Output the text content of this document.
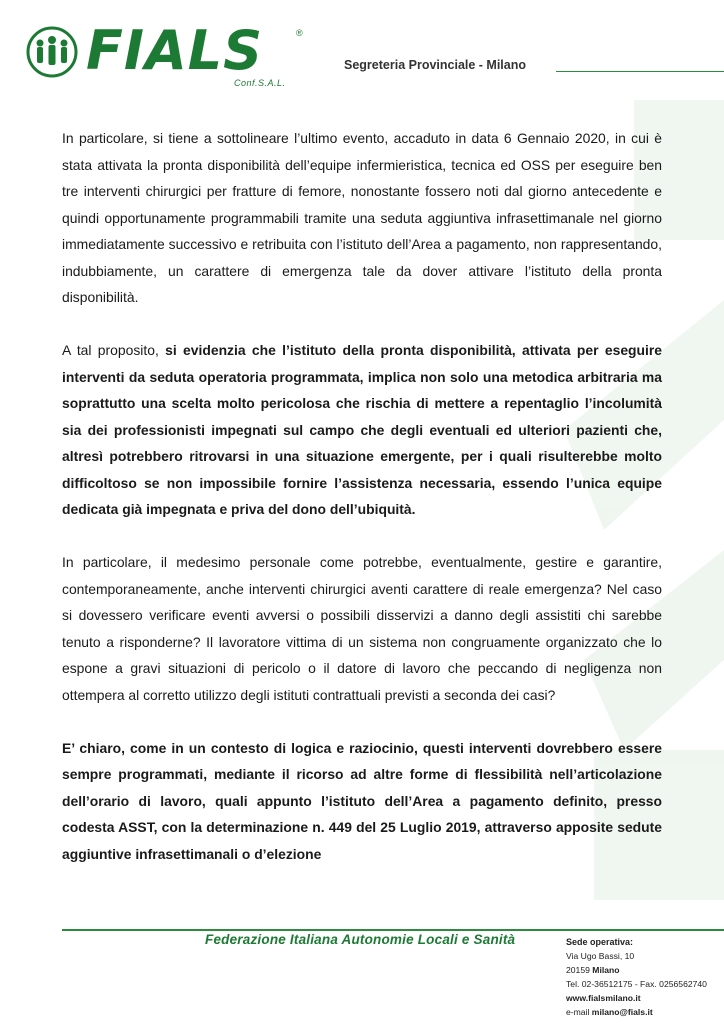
FIALS	®
Conf.S.A.L.
Segreteria Provinciale - Milano

In particolare, si tiene a sottolineare l’ultimo evento, accaduto in data 6 Gennaio 2020, in cui è stata attivata la pronta disponibilità dell’equipe infermieristica, tecnica ed OSS per eseguire ben tre interventi chirurgici per fratture di femore, nonostante fossero noti dal giorno antecedente e quindi opportunamente programmabili tramite una seduta aggiuntiva infrasettimanale nel giorno immediatamente successivo e retribuita con l’istituto dell’Area a pagamento, non rappresentando, indubbiamente, un carattere di emergenza tale da dover attivare l’istituto della pronta disponibilità.

A tal proposito, si evidenzia che l’istituto della pronta disponibilità, attivata per eseguire interventi da seduta operatoria programmata, implica non solo una metodica arbitraria ma soprattutto una scelta molto pericolosa che rischia di mettere a repentaglio l’incolumità sia dei professionisti impegnati sul campo che degli eventuali ed ulteriori pazienti che, altresì potrebbero ritrovarsi in una situazione emergente, per i quali risulterebbe molto difficoltoso se non impossibile fornire l’assistenza necessaria, essendo l’unica equipe dedicata già impegnata e priva del dono dell’ubiquità.

In particolare, il medesimo personale come potrebbe, eventualmente, gestire e garantire, contemporaneamente, anche interventi chirurgici aventi carattere di reale emergenza? Nel caso si dovessero verificare eventi avversi o possibili disservizi a danno degli assistiti chi sarebbe tenuto a risponderne? Il lavoratore vittima di un sistema non congruamente organizzato che lo espone a gravi situazioni di pericolo o il datore di lavoro che peccando di negligenza non ottempera al corretto utilizzo degli istituti contrattuali previsti a seconda dei casi?

E’ chiaro, come in un contesto di logica e raziocinio, questi interventi dovrebbero essere sempre programmati, mediante il ricorso ad altre forme di flessibilità nell’articolazione dell’orario di lavoro, quali appunto l’istituto dell’Area a pagamento definito, presso codesta ASST, con la determinazione n. 449 del 25 Luglio 2019, attraverso apposite sedute aggiuntive infrasettimanali o d’elezione

Federazione Italiana Autonomie Locali e Sanità	Sede operativa:
Via Ugo Bassi, 10
20159 Milano
Tel. 02-36512175 - Fax. 0256562740
www.fialsmilano.it
e-mail milano@fials.it
